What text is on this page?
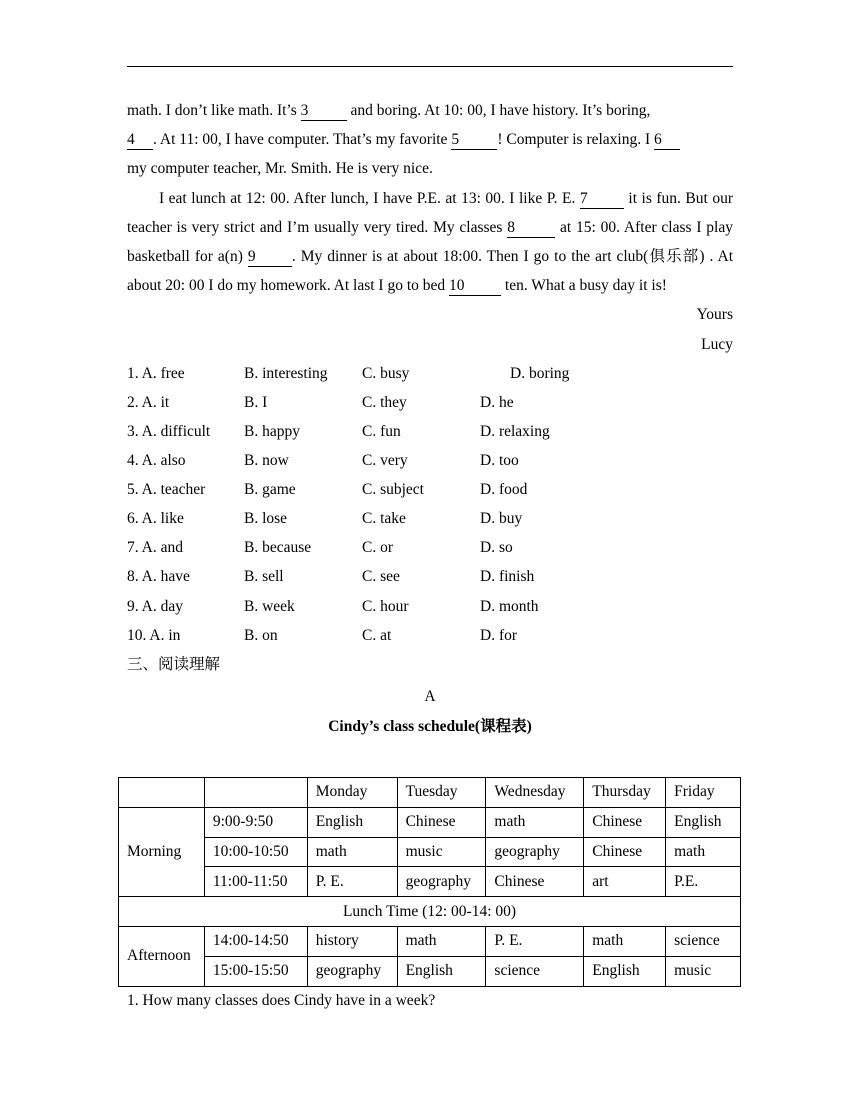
math. I don’t like math. It’s 3 and boring. At 10: 00, I have history. It’s boring,
4 . At 11: 00, I have computer. That’s my favorite 5 ! Computer is relaxing. I 6
my computer teacher, Mr. Smith. He is very nice.

I eat lunch at 12: 00. After lunch, I have P.E. at 13: 00. I like P. E. 7 it is fun. But our teacher is very strict and I’m usually very tired. My classes 8	at 15: 00. After class I play basketball for a(n) 9 . My dinner is at about 18:00. Then I go to the art club(俱乐部) . At about 20: 00 I do my homework. At last I go to bed 10 ten. What a busy day it is!

Yours

Lucy

1. A. free	B. interesting C. busy	D. boring
2. A. it	B. I	C. they	D. he
3. A. difficult B. happy	C. fun	D. relaxing
4. A. also	B. now	C. very	D. too
5. A. teacher B. game	C. subject	D. food
6. A. like	B. lose	C. take	D. buy
7. A. and	B. because	C. or	D. so
8. A. have	B. sell	C. see	D. finish
9. A. day	B. week	C. hour	D. month
10. A. in	B. on	C. at	D. for

三、阅读理解

A

Cindy’s class schedule(课程表)

		Monday	Tuesday	Wednesday	Thursday	Friday
Morning	9:00-9:50	English	Chinese	math	Chinese	English
	10:00-10:50	math	music	geography	Chinese	math
	11:00-11:50	P. E.	geography	Chinese	art	P.E.
Lunch Time (12: 00-14: 00)						
Afternoon	14:00-14:50	history	math	P. E.	math	science
	15:00-15:50	geography	English	science	English	music
1. How many classes does Cindy have in a week?
